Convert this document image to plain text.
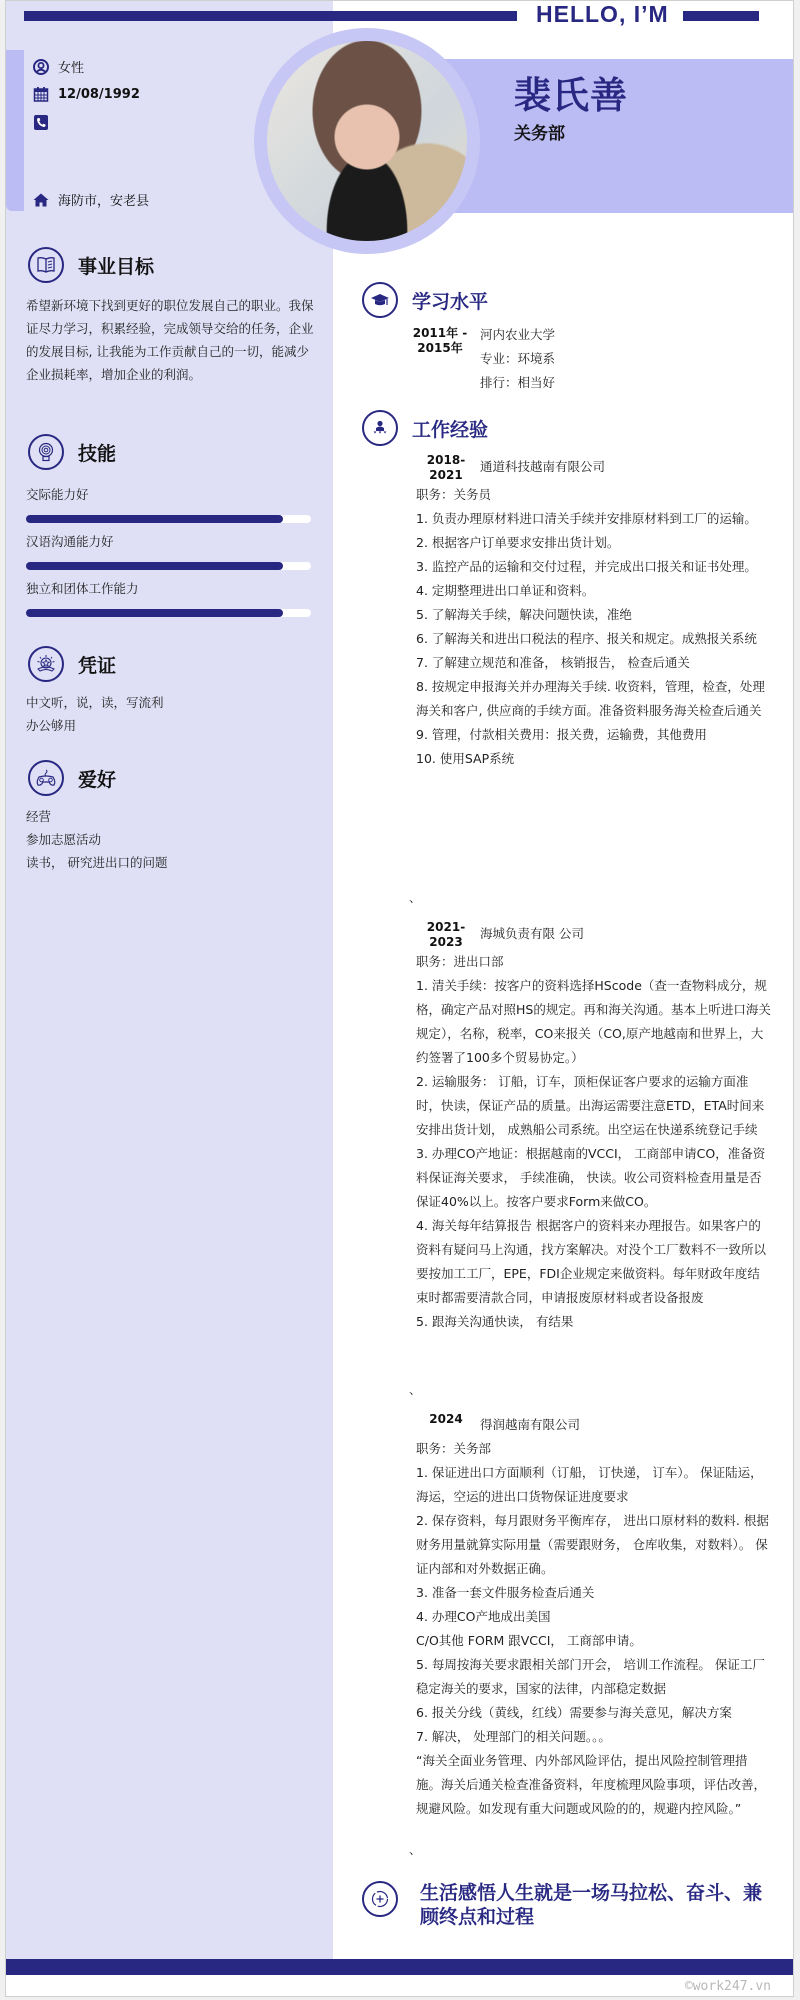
HELLO, I’M
裴氏善
关务部
女性
12/08/1992
海防市，安老县
事业目标
希望新环境下找到更好的职位发展自己的职业。我保证尽力学习，积累经验，完成领导交给的任务，企业的发展目标, 让我能为工作贡献自己的一切，能减少企业损耗率，增加企业的利润。
技能
交际能力好
汉语沟通能力好
独立和团体工作能力
凭证
中文听，说，读，写流利
办公够用
爱好
经营
参加志愿活动
读书， 研究进出口的问题
学习水平
2011年 -
2015年
河内农业大学
专业：环境系
排行：相当好
工作经验
2018-
2021
通道科技越南有限公司
职务：关务员
1. 负责办理原材料进口清关手续并安排原材料到工厂的运输。
2. 根据客户订单要求安排出货计划。
3. 监控产品的运输和交付过程，并完成出口报关和证书处理。
4. 定期整理进出口单证和资料。
5. 了解海关手续，解决问题快读，准绝
6. 了解海关和进出口税法的程序、报关和规定。成熟报关系统
7. 了解建立规范和准备， 核销报告， 检查后通关
8. 按规定申报海关并办理海关手续. 收资料，管理，检查，处理海关和客户, 供应商的手续方面。准备资料服务海关检查后通关
9. 管理，付款相关费用：报关费，运输费，其他费用
10. 使用SAP系统
、
2021-
2023
海城负责有限 公司
职务：进出口部
1. 清关手续：按客户的资料选择HScode（查一查物料成分，规格，确定产品对照HS的规定。再和海关沟通。基本上听进口海关规定），名称，税率，CO来报关（CO,原产地越南和世界上，大约签署了100多个贸易协定。）
2. 运输服务： 订船，订车，顶柜保证客户要求的运输方面准时，快读，保证产品的质量。出海运需要注意ETD，ETA时间来安排出货计划， 成熟船公司系统。出空运在快递系统登记手续
3. 办理CO产地证：根据越南的VCCI， 工商部申请CO，准备资料保证海关要求， 手续准确， 快读。收公司资料检查用量是否保证40%以上。按客户要求Form来做CO。
4. 海关每年结算报告 根据客户的资料来办理报告。如果客户的资料有疑问马上沟通，找方案解决。对没个工厂数料不一致所以要按加工工厂，EPE，FDI企业规定来做资料。每年财政年度结束时都需要清款合同，申请报废原材料或者设备报废
5. 跟海关沟通快读， 有结果
、
2024	得润越南有限公司
职务：关务部
1. 保证进出口方面顺利（订船， 订快递， 订车）。 保证陆运，海运，空运的进出口货物保证进度要求
2. 保存资料，每月跟财务平衡库存， 进出口原材料的数料. 根据财务用量就算实际用量（需要跟财务， 仓库收集，对数料）。 保证内部和对外数据正确。
3. 准备一套文件服务检查后通关
4. 办理CO产地成出美国
C/O其他 FORM 跟VCCI， 工商部申请。
5. 每周按海关要求跟相关部门开会， 培训工作流程。 保证工厂稳定海关的要求，国家的法律，内部稳定数据
6. 报关分线（黄线，红线）需要参与海关意见，解决方案
7. 解决， 处理部门的相关问题。。。
“海关全面业务管理、内外部风险评估，提出风险控制管理措施。海关后通关检查准备资料，年度梳理风险事项，评估改善，规避风险。如发现有重大问题或风险的的，规避内控风险。”
、
生活感悟人生就是一场马拉松、奋斗、兼顾终点和过程
©work247.vn
